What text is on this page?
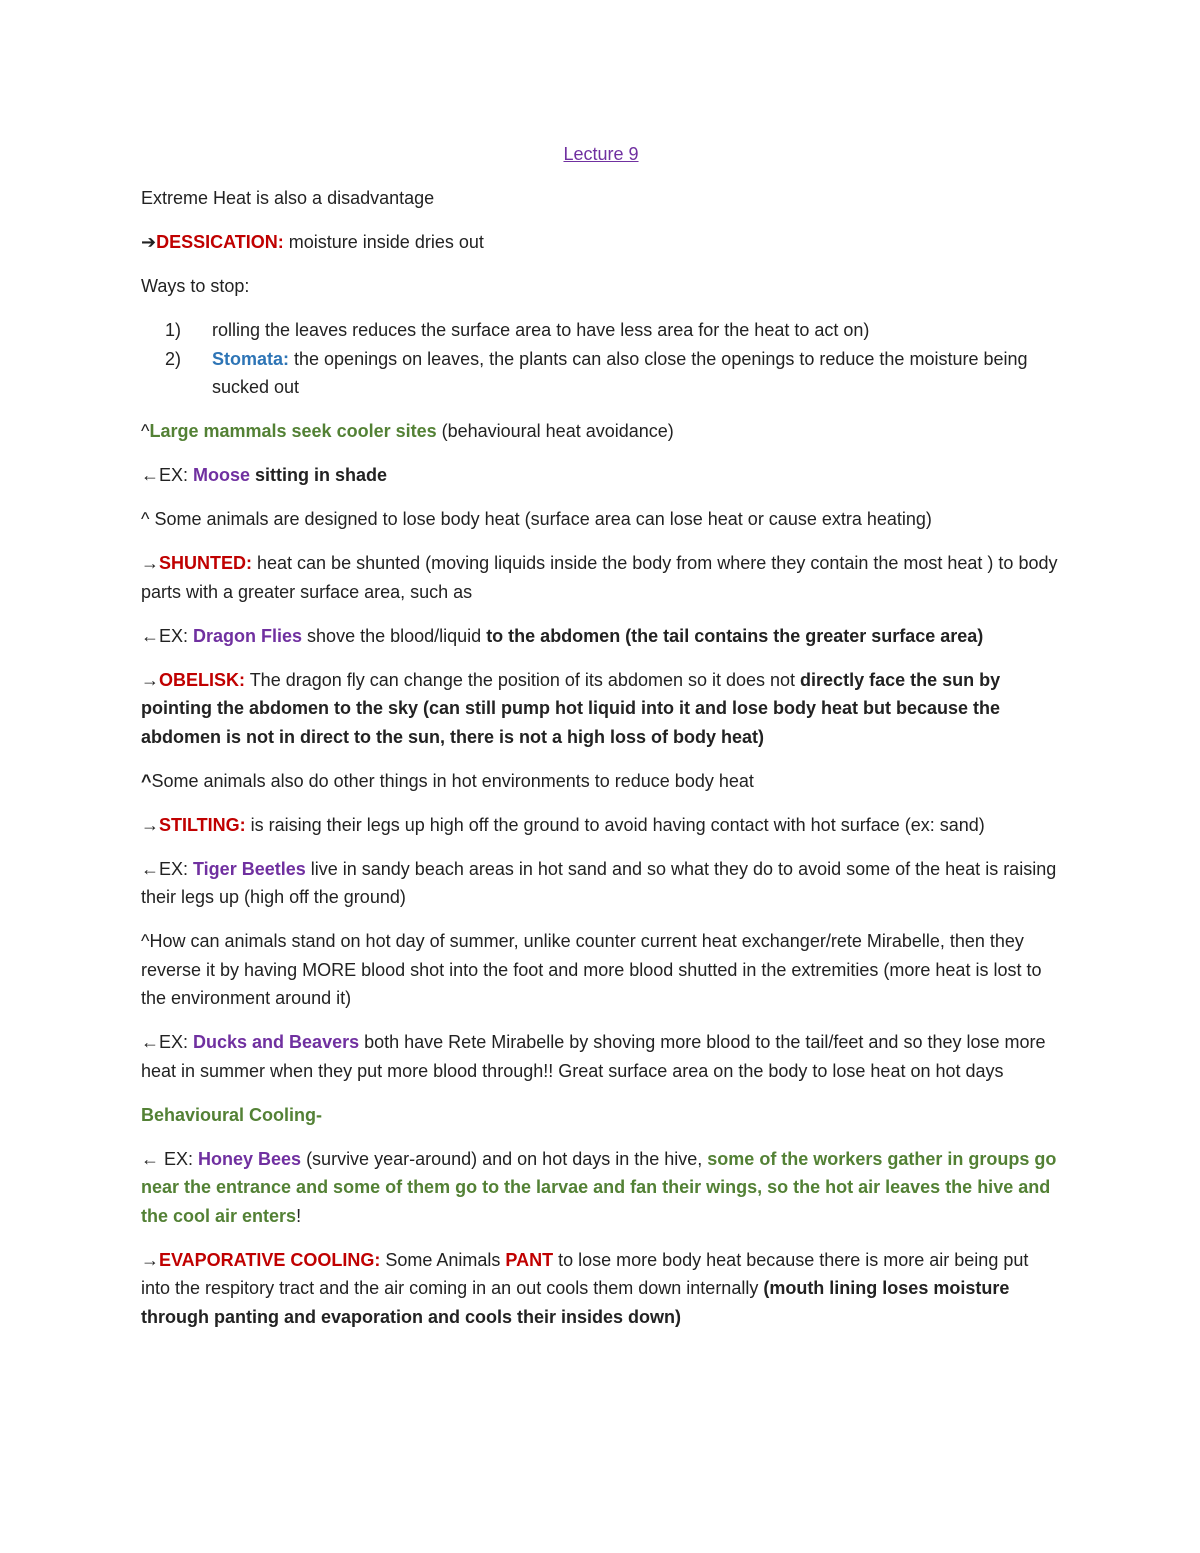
Lecture 9

Extreme Heat is also a disadvantage

➔DESSICATION: moisture inside dries out

Ways to stop:

1) rolling the leaves reduces the surface area to have less area for the heat to act on)
2) Stomata: the openings on leaves, the plants can also close the openings to reduce the moisture being sucked out

^Large mammals seek cooler sites (behavioural heat avoidance)

←EX: Moose sitting in shade

^ Some animals are designed to lose body heat (surface area can lose heat or cause extra heating)

→SHUNTED: heat can be shunted (moving liquids inside the body from where they contain the most heat ) to body parts with a greater surface area, such as

←EX: Dragon Flies shove the blood/liquid to the abdomen (the tail contains the greater surface area)

→OBELISK: The dragon fly can change the position of its abdomen so it does not directly face the sun by pointing the abdomen to the sky (can still pump hot liquid into it and lose body heat but because the abdomen is not in direct to the sun, there is not a high loss of body heat)

^Some animals also do other things in hot environments to reduce body heat

→STILTING: is raising their legs up high off the ground to avoid having contact with hot surface (ex: sand)

←EX: Tiger Beetles live in sandy beach areas in hot sand and so what they do to avoid some of the heat is raising their legs up (high off the ground)

^How can animals stand on hot day of summer, unlike counter current heat exchanger/rete Mirabelle, then they reverse it by having MORE blood shot into the foot and more blood shutted in the extremities (more heat is lost to the environment around it)

←EX: Ducks and Beavers both have Rete Mirabelle by shoving more blood to the tail/feet and so they lose more heat in summer when they put more blood through!! Great surface area on the body to lose heat on hot days

Behavioural Cooling-

← EX: Honey Bees (survive year-around) and on hot days in the hive, some of the workers gather in groups go near the entrance and some of them go to the larvae and fan their wings, so the hot air leaves the hive and the cool air enters!

→EVAPORATIVE COOLING: Some Animals PANT to lose more body heat because there is more air being put into the respitory tract and the air coming in an out cools them down internally (mouth lining loses moisture through panting and evaporation and cools their insides down)
